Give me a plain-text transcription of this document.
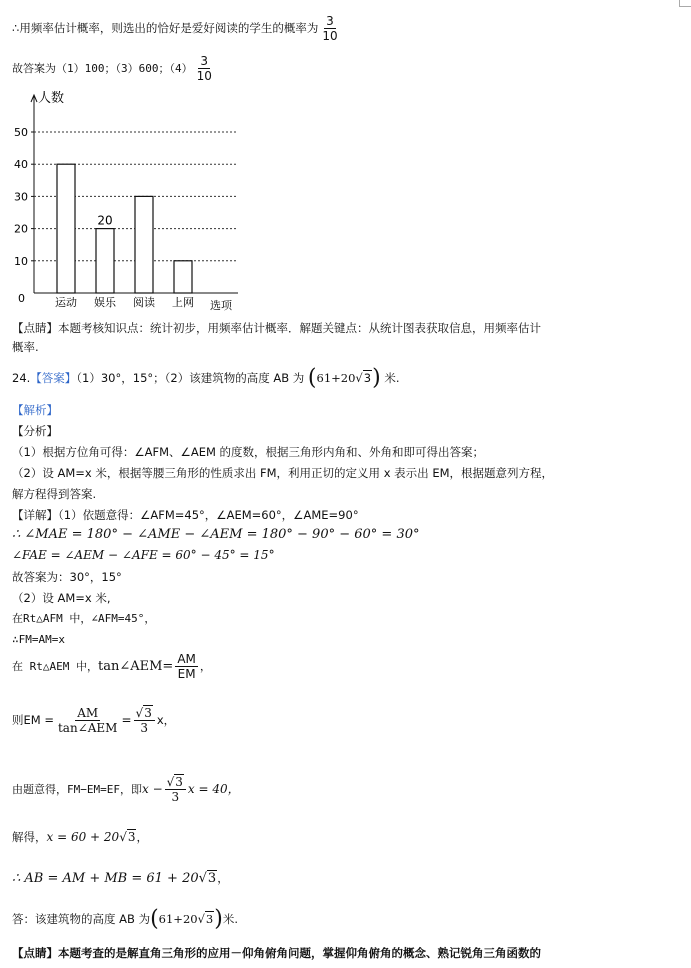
∴用频率估计概率，则选出的恰好是爱好阅读的学生的概率为 $\frac{3}{10}$
故答案为（1）100；（3）600；$(4) \frac{3}{10}$
人数
选项
0
10
20
30
40
50
运动 娱乐
20
阅读 上网
【点睛】本题考核知识点：统计初步，用频率估计概率．解题关键点：从统计图表获取信息，用频率估计
概率.
24.【答案】（1）30°，15°；（2）该建筑物的高度 AB 为 (61+20√3) 米.
【解析】
【分析】
（1）根据方位角可得：∠AFM、∠AEM 的度数，根据三角形内角和、外角和即可得出答案；
（2）设 AM=x 米，根据等腰三角形的性质求出 FM，利用正切的定义用 x 表示出 EM，根据题意列方程，
解方程得到答案.
【详解】（1）依题意得：∠AFM=45°，∠AEM=60°，∠AME=90°
∴ ∠MAE = 180° − ∠AME − ∠AEM = 180° − 90° − 60° = 30°
∠FAE = ∠AEM − ∠AFE = 60° − 45° = 15°
故答案为：30°，15°
（2）设 AM=x 米,
在Rt△AFM 中，∠AFM=45°，
∴FM=AM=x
在 Rt△AEM 中，tan∠AEM= $\frac{AM}{EM}$ ，
则EM = $\frac{AM}{\text{tan∠AEM}} = \frac{√3}{3}$ x，
由题意得，FM−EM=EF，即$x - \frac{√3}{3}$ x = 40，
解得，x = 60 + 20√3，
∴ AB = AM + MB = 61 + 20√3，
答：该建筑物的高度 AB 为(61+20√3)米.
【点睛】本题考查的是解直角三角形的应用－仰角俯角问题，掌握仰角俯角的概念、熟记锐角三角函数的
